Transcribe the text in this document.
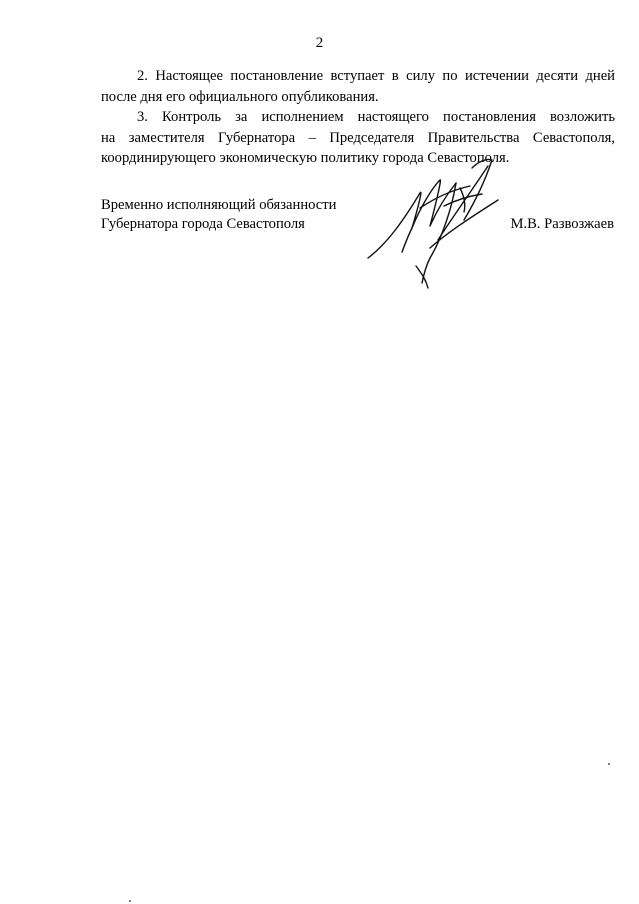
2
2. Настоящее постановление вступает в силу по истечении десяти дней
после дня его официального опубликования.
3. Контроль за исполнением настоящего постановления возложить
на заместителя Губернатора – Председателя Правительства Севастополя,
координирующего экономическую политику города Севастополя.
Временно исполняющий обязанности
Губернатора города Севастополя	М.В. Развозжаев
